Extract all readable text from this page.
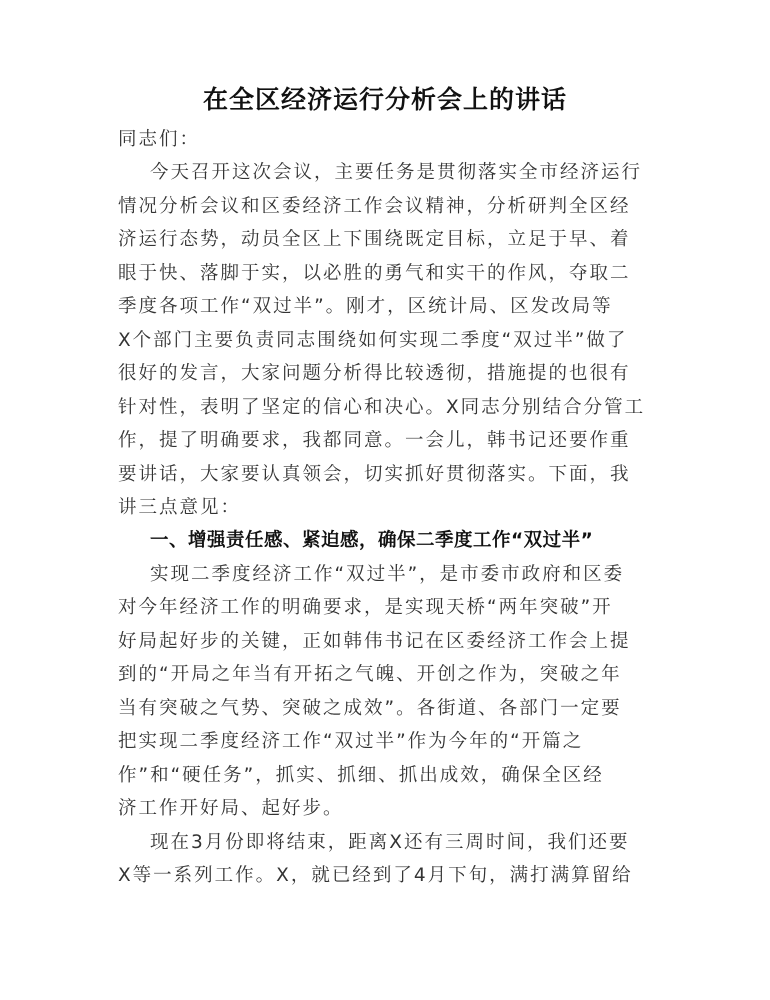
在全区经济运行分析会上的讲话
同志们：
今天召开这次会议，主要任务是贯彻落实全市经济运行
情况分析会议和区委经济工作会议精神，分析研判全区经
济运行态势，动员全区上下围绕既定目标，立足于早、着
眼于快、落脚于实，以必胜的勇气和实干的作风，夺取二
季度各项工作“双过半”。刚才，区统计局、区发改局等
X个部门主要负责同志围绕如何实现二季度“双过半”做了
很好的发言，大家问题分析得比较透彻，措施提的也很有
针对性，表明了坚定的信心和决心。X同志分别结合分管工
作，提了明确要求，我都同意。一会儿，韩书记还要作重
要讲话，大家要认真领会，切实抓好贯彻落实。下面，我
讲三点意见：
一、增强责任感、紧迫感，确保二季度工作“双过半”
实现二季度经济工作“双过半”，是市委市政府和区委
对今年经济工作的明确要求，是实现天桥“两年突破”开
好局起好步的关键，正如韩伟书记在区委经济工作会上提
到的“开局之年当有开拓之气魄、开创之作为，突破之年
当有突破之气势、突破之成效”。各街道、各部门一定要
把实现二季度经济工作“双过半”作为今年的“开篇之
作”和“硬任务”，抓实、抓细、抓出成效，确保全区经
济工作开好局、起好步。
现在3月份即将结束，距离X还有三周时间，我们还要
X等一系列工作。X，就已经到了4月下旬，满打满算留给
